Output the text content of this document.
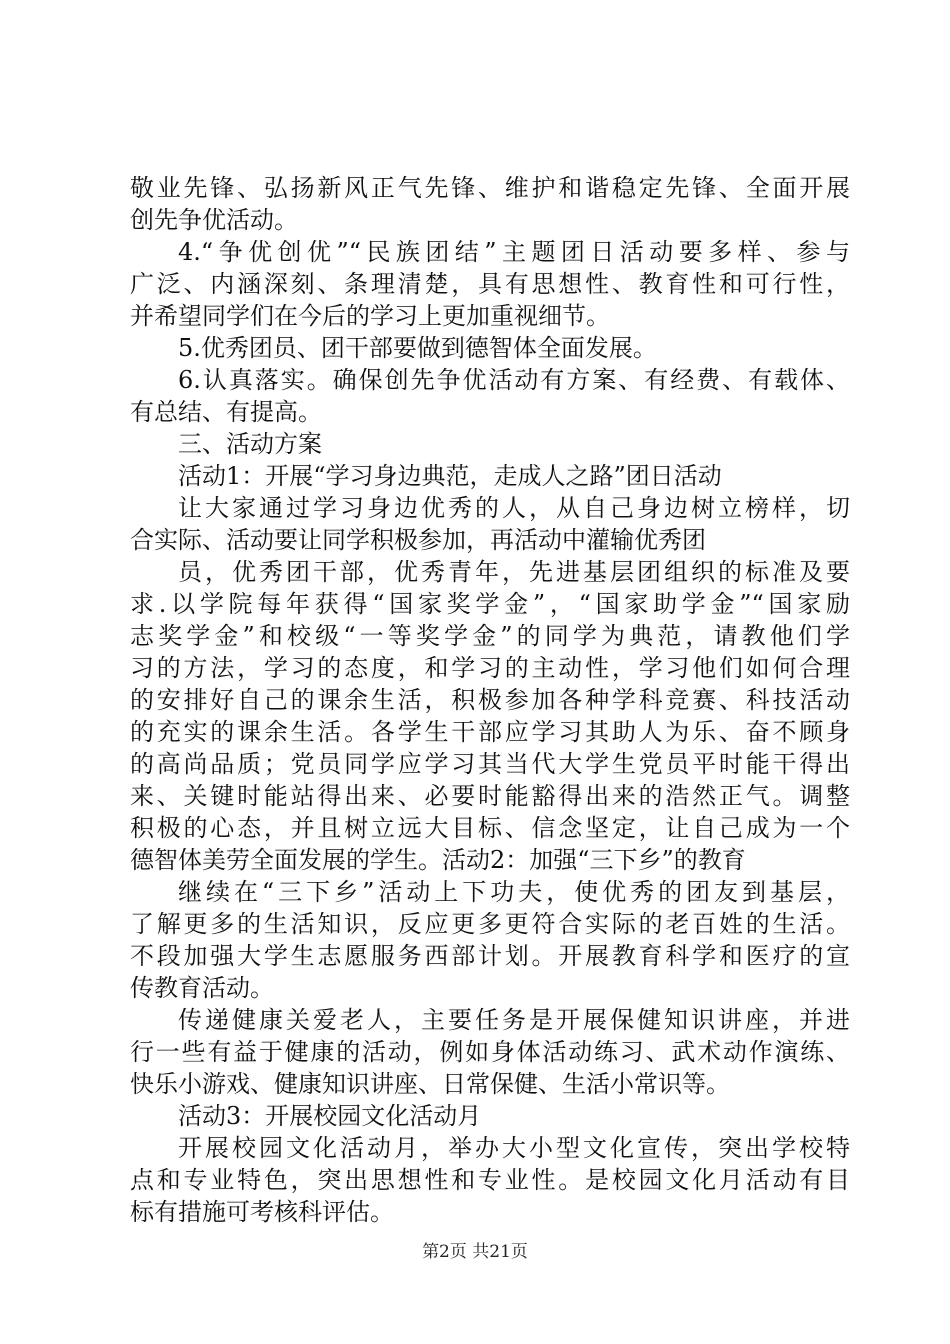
敬业先锋、弘扬新风正气先锋、维护和谐稳定先锋、全面开展
创先争优活动。
4.“争优创优”“民族团结”主题团日活动要多样、参与
广泛、内涵深刻、条理清楚，具有思想性、教育性和可行性，
并希望同学们在今后的学习上更加重视细节。
5.优秀团员、团干部要做到德智体全面发展。
6.认真落实。确保创先争优活动有方案、有经费、有载体、
有总结、有提高。
三、活动方案
活动1：开展“学习身边典范，走成人之路”团日活动
让大家通过学习身边优秀的人，从自己身边树立榜样，切
合实际、活动要让同学积极参加，再活动中灌输优秀团
员，优秀团干部，优秀青年，先进基层团组织的标准及要
求.以学院每年获得“国家奖学金”，“国家助学金”“国家励
志奖学金”和校级“一等奖学金”的同学为典范，请教他们学
习的方法，学习的态度，和学习的主动性，学习他们如何合理
的安排好自己的课余生活，积极参加各种学科竞赛、科技活动
的充实的课余生活。各学生干部应学习其助人为乐、奋不顾身
的高尚品质；党员同学应学习其当代大学生党员平时能干得出
来、关键时能站得出来、必要时能豁得出来的浩然正气。调整
积极的心态，并且树立远大目标、信念坚定，让自己成为一个
德智体美劳全面发展的学生。活动2：加强“三下乡”的教育
继续在“三下乡”活动上下功夫，使优秀的团友到基层，
了解更多的生活知识，反应更多更符合实际的老百姓的生活。
不段加强大学生志愿服务西部计划。开展教育科学和医疗的宣
传教育活动。
传递健康关爱老人，主要任务是开展保健知识讲座，并进
行一些有益于健康的活动，例如身体活动练习、武术动作演练、
快乐小游戏、健康知识讲座、日常保健、生活小常识等。
活动3：开展校园文化活动月
开展校园文化活动月，举办大小型文化宣传，突出学校特
点和专业特色，突出思想性和专业性。是校园文化月活动有目
标有措施可考核科评估。
第2页 共21页
